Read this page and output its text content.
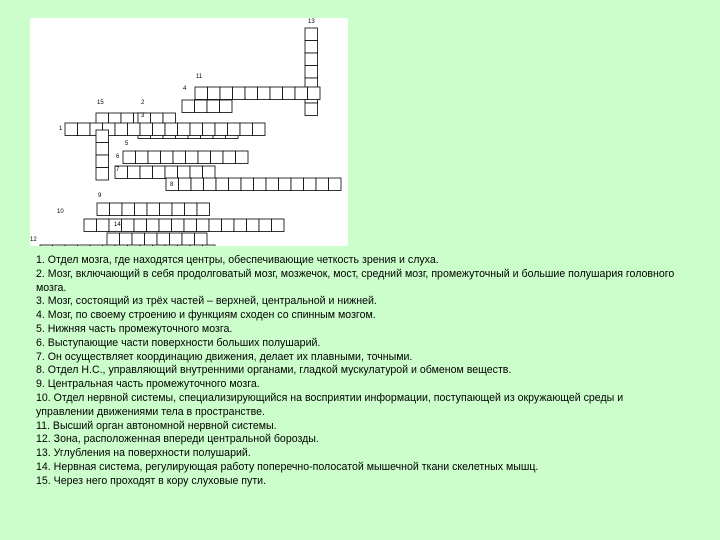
13
11
4
15	2
3
1
5
6
7
8
9
10
14
12

1. Отдел мозга, где находятся центры, обеспечивающие четкость зрения и слуха.

2. Мозг, включающий в себя продолговатый мозг, мозжечок, мост, средний мозг, промежуточный и большие полушария головного мозга.

3. Мозг, состоящий из трёх частей – верхней, центральной и нижней.

4. Мозг, по своему строению и функциям сходен со спинным мозгом.

5. Нижняя часть промежуточного мозга.

6. Выступающие части поверхности больших полушарий.

7. Он осуществляет координацию движения, делает их плавными, точными.

8. Отдел Н.С., управляющий внутренними органами, гладкой мускулатурой и обменом веществ.

9. Центральная часть промежуточного мозга.

10. Отдел нервной системы, специализирующийся на восприятии информации, поступающей из окружающей среды и управлении движениями тела в пространстве.

11. Высший орган автономной нервной системы.

12. Зона, расположенная впереди центральной борозды.

13. Углубления на поверхности полушарий.

14. Нервная система, регулирующая работу поперечно-полосатой мышечной ткани скелетных мышц.

15. Через него проходят в кору слуховые пути.
